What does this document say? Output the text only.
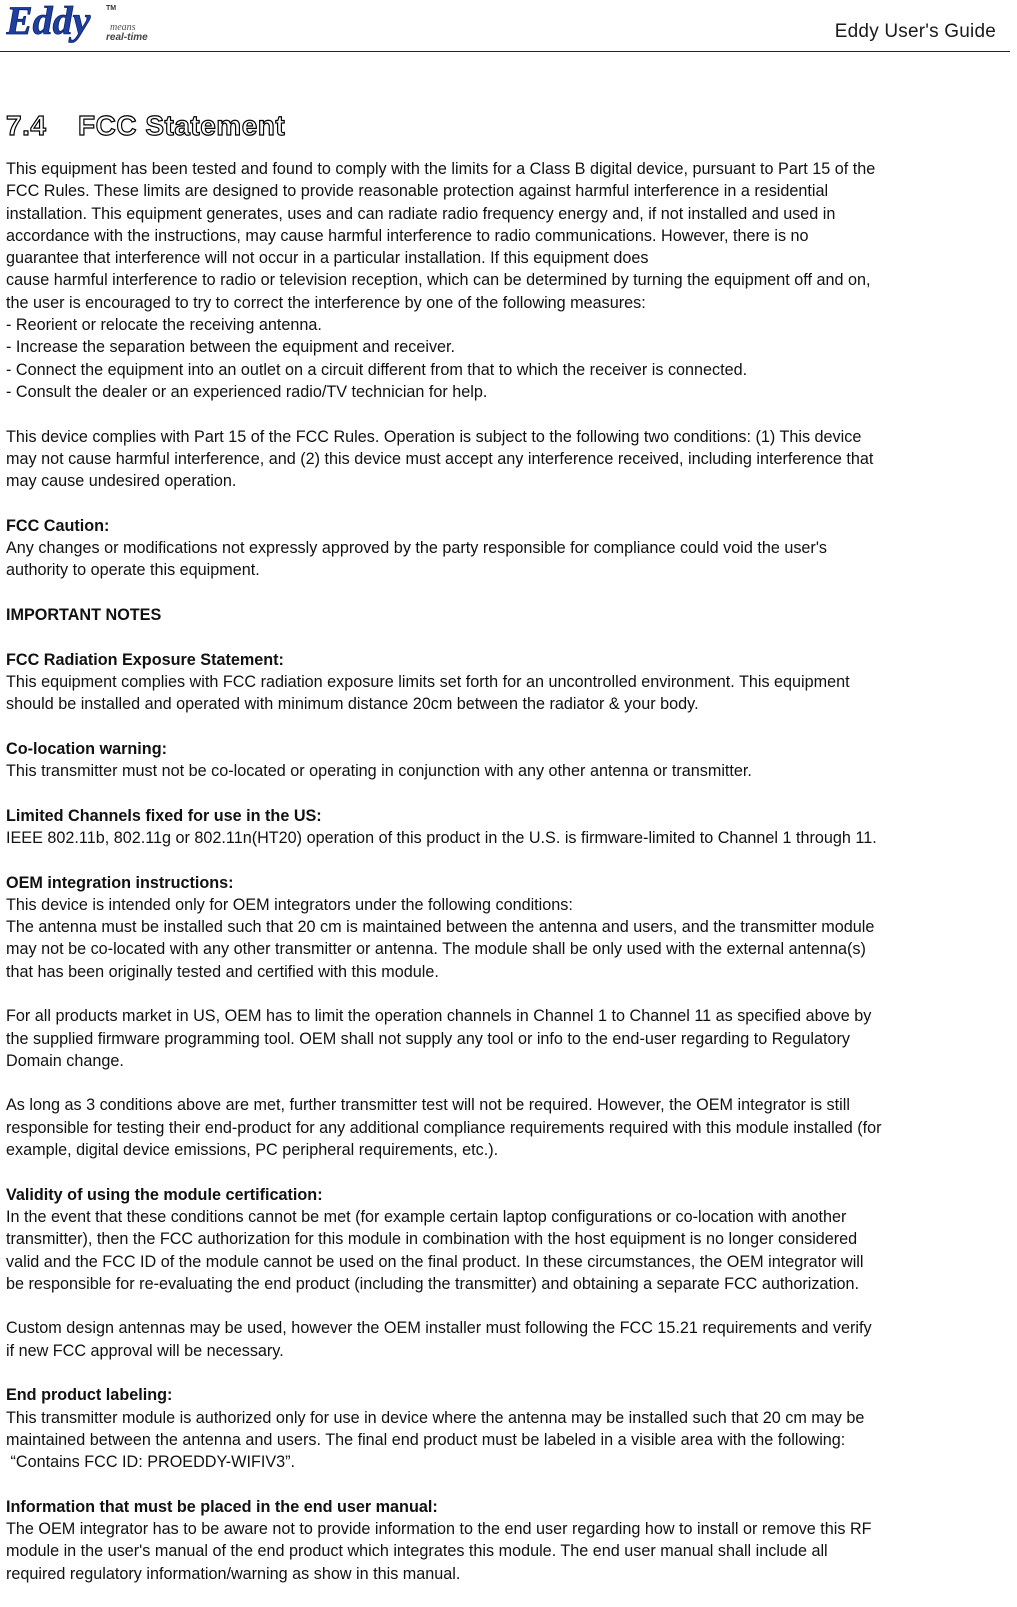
Eddy TM
means
real-time	Eddy User's Guide
7.4 FCC Statement

This equipment has been tested and found to comply with the limits for a Class B digital device, pursuant to Part 15 of the

FCC Rules. These limits are designed to provide reasonable protection against harmful interference in a residential

installation. This equipment generates, uses and can radiate radio frequency energy and, if not installed and used in

accordance with the instructions, may cause harmful interference to radio communications. However, there is no

guarantee that interference will not occur in a particular installation. If this equipment does

cause harmful interference to radio or television reception, which can be determined by turning the equipment off and on,

the user is encouraged to try to correct the interference by one of the following measures:

- Reorient or relocate the receiving antenna.

- Increase the separation between the equipment and receiver.

- Connect the equipment into an outlet on a circuit different from that to which the receiver is connected.

- Consult the dealer or an experienced radio/TV technician for help.

This device complies with Part 15 of the FCC Rules. Operation is subject to the following two conditions: (1) This device

may not cause harmful interference, and (2) this device must accept any interference received, including interference that

may cause undesired operation.

FCC Caution:

Any changes or modifications not expressly approved by the party responsible for compliance could void the user's

authority to operate this equipment.

IMPORTANT NOTES

FCC Radiation Exposure Statement:

This equipment complies with FCC radiation exposure limits set forth for an uncontrolled environment. This equipment

should be installed and operated with minimum distance 20cm between the radiator & your body.

Co-location warning:

This transmitter must not be co-located or operating in conjunction with any other antenna or transmitter.

Limited Channels fixed for use in the US:

IEEE 802.11b, 802.11g or 802.11n(HT20) operation of this product in the U.S. is firmware-limited to Channel 1 through 11.

OEM integration instructions:

This device is intended only for OEM integrators under the following conditions:

The antenna must be installed such that 20 cm is maintained between the antenna and users, and the transmitter module

may not be co-located with any other transmitter or antenna. The module shall be only used with the external antenna(s)

that has been originally tested and certified with this module.

For all products market in US, OEM has to limit the operation channels in Channel 1 to Channel 11 as specified above by

the supplied firmware programming tool. OEM shall not supply any tool or info to the end-user regarding to Regulatory

Domain change.

As long as 3 conditions above are met, further transmitter test will not be required. However, the OEM integrator is still

responsible for testing their end-product for any additional compliance requirements required with this module installed (for

example, digital device emissions, PC peripheral requirements, etc.).

Validity of using the module certification:

In the event that these conditions cannot be met (for example certain laptop configurations or co-location with another

transmitter), then the FCC authorization for this module in combination with the host equipment is no longer considered

valid and the FCC ID of the module cannot be used on the final product. In these circumstances, the OEM integrator will

be responsible for re-evaluating the end product (including the transmitter) and obtaining a separate FCC authorization.

Custom design antennas may be used, however the OEM installer must following the FCC 15.21 requirements and verify

if new FCC approval will be necessary.

End product labeling:

This transmitter module is authorized only for use in device where the antenna may be installed such that 20 cm may be

maintained between the antenna and users. The final end product must be labeled in a visible area with the following:

“Contains FCC ID: PROEDDY-WIFIV3”.

Information that must be placed in the end user manual:

The OEM integrator has to be aware not to provide information to the end user regarding how to install or remove this RF

module in the user's manual of the end product which integrates this module. The end user manual shall include all

required regulatory information/warning as show in this manual.
